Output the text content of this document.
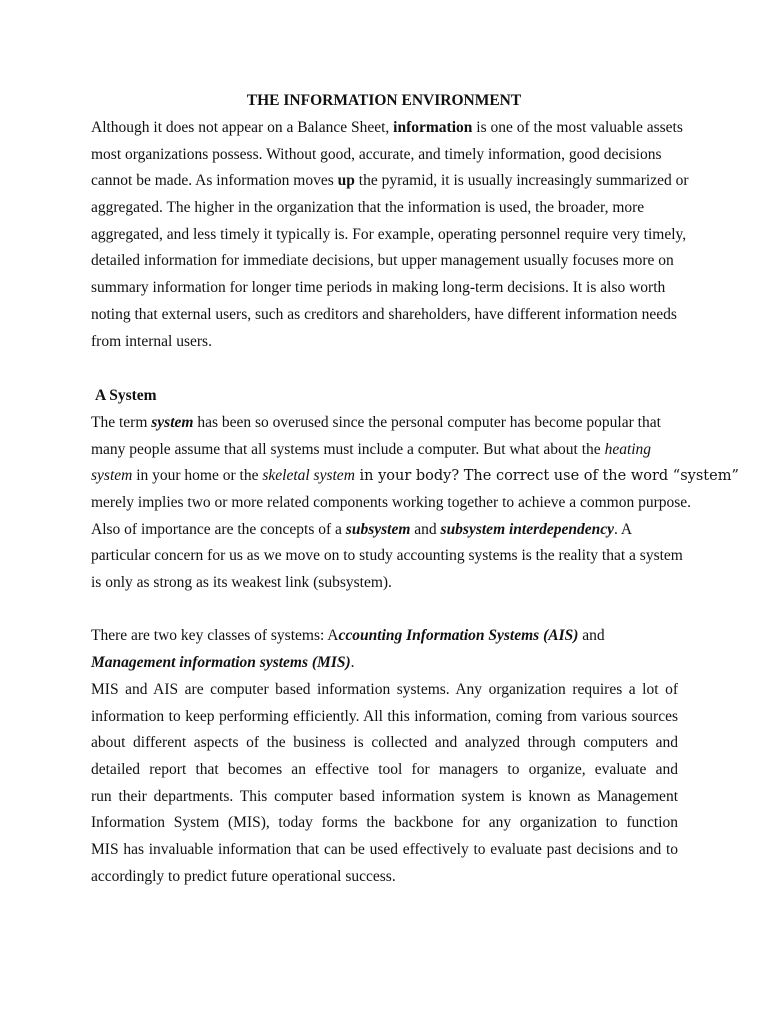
THE INFORMATION ENVIRONMENT
Although it does not appear on a Balance Sheet, information is one of the most valuable assets
most organizations possess. Without good, accurate, and timely information, good decisions
cannot be made. As information moves up the pyramid, it is usually increasingly summarized or
aggregated. The higher in the organization that the information is used, the broader, more
aggregated, and less timely it typically is. For example, operating personnel require very timely,
detailed information for immediate decisions, but upper management usually focuses more on
summary information for longer time periods in making long-term decisions. It is also worth
noting that external users, such as creditors and shareholders, have different information needs
from internal users.
A System
The term system has been so overused since the personal computer has become popular that
many people assume that all systems must include a computer. But what about the heating
system in your home or the skeletal system in your body? The correct use of the word “system”
merely implies two or more related components working together to achieve a common purpose.
Also of importance are the concepts of a subsystem and subsystem interdependency. A
particular concern for us as we move on to study accounting systems is the reality that a system
is only as strong as its weakest link (subsystem).
There are two key classes of systems: Accounting Information Systems (AIS) and
Management information systems (MIS).
MIS and AIS are computer based information systems. Any organization requires a lot of
information to keep performing efficiently. All this information, coming from various sources
about different aspects of the business is collected and analyzed through computers and
detailed report that becomes an effective tool for managers to organize, evaluate and
run their departments. This computer based information system is known as Management
Information System (MIS), today forms the backbone for any organization to function
MIS has invaluable information that can be used effectively to evaluate past decisions and to
accordingly to predict future operational success.
